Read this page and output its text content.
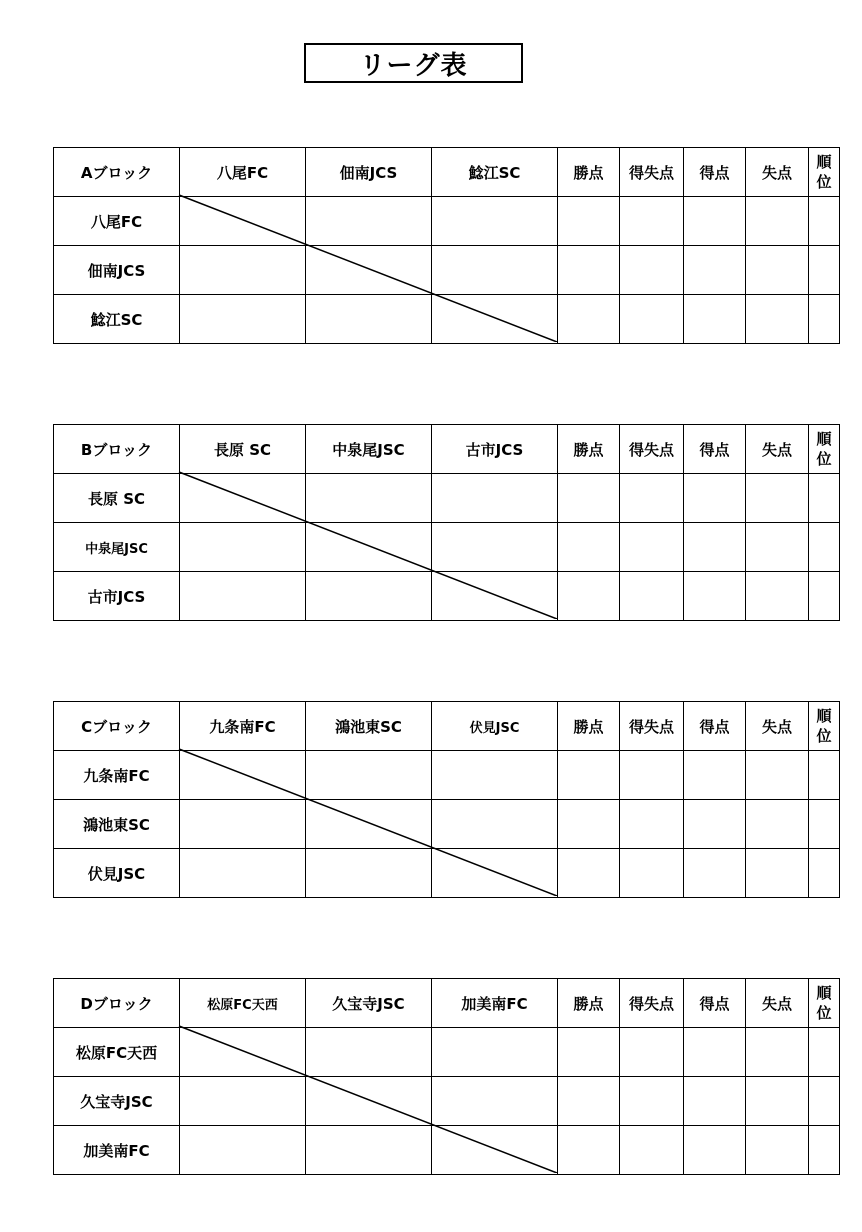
リーグ表
Aブロック	八尾FC	佃南JCS	鯰江SC	勝点	得失点	得点	失点	順
位

八尾FC								
佃南JCS								
鯰江SC								
Bブロック	長原 SC	中泉尾JSC	古市JCS	勝点	得失点	得点	失点	順
位

長原 SC								
中泉尾JSC								
古市JCS								
Cブロック	九条南FC	鴻池東SC	伏見JSC	勝点	得失点	得点	失点	順
位

九条南FC								
鴻池東SC								
伏見JSC								
Dブロック	松原FC天西	久宝寺JSC	加美南FC	勝点	得失点	得点	失点	順
位

松原FC天西								
久宝寺JSC								
加美南FC								
